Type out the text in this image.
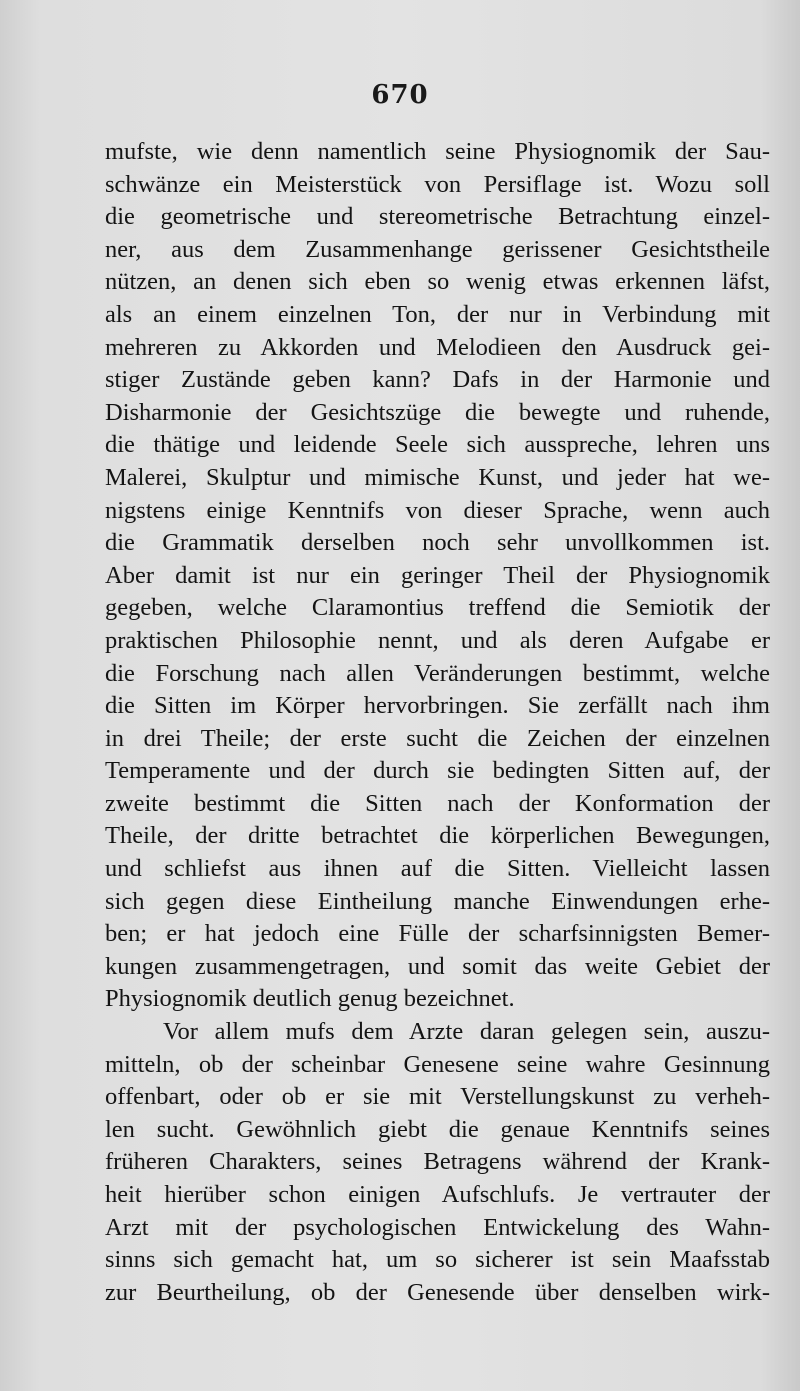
670
mufste, wie denn namentlich seine Physiognomik der Sau-
schwänze ein Meisterstück von Persiflage ist. Wozu soll
die geometrische und stereometrische Betrachtung einzel-
ner, aus dem Zusammenhange gerissener Gesichtstheile
nützen, an denen sich eben so wenig etwas erkennen läfst,
als an einem einzelnen Ton, der nur in Verbindung mit
mehreren zu Akkorden und Melodieen den Ausdruck gei-
stiger Zustände geben kann? Dafs in der Harmonie und
Disharmonie der Gesichtszüge die bewegte und ruhende,
die thätige und leidende Seele sich ausspreche, lehren uns
Malerei, Skulptur und mimische Kunst, und jeder hat we-
nigstens einige Kenntnifs von dieser Sprache, wenn auch
die Grammatik derselben noch sehr unvollkommen ist.
Aber damit ist nur ein geringer Theil der Physiognomik
gegeben, welche Claramontius treffend die Semiotik der
praktischen Philosophie nennt, und als deren Aufgabe er
die Forschung nach allen Veränderungen bestimmt, welche
die Sitten im Körper hervorbringen. Sie zerfällt nach ihm
in drei Theile; der erste sucht die Zeichen der einzelnen
Temperamente und der durch sie bedingten Sitten auf, der
zweite bestimmt die Sitten nach der Konformation der
Theile, der dritte betrachtet die körperlichen Bewegungen,
und schliefst aus ihnen auf die Sitten. Vielleicht lassen
sich gegen diese Eintheilung manche Einwendungen erhe-
ben; er hat jedoch eine Fülle der scharfsinnigsten Bemer-
kungen zusammengetragen, und somit das weite Gebiet der
Physiognomik deutlich genug bezeichnet.
Vor allem mufs dem Arzte daran gelegen sein, auszu-
mitteln, ob der scheinbar Genesene seine wahre Gesinnung
offenbart, oder ob er sie mit Verstellungskunst zu verheh-
len sucht. Gewöhnlich giebt die genaue Kenntnifs seines
früheren Charakters, seines Betragens während der Krank-
heit hierüber schon einigen Aufschlufs. Je vertrauter der
Arzt mit der psychologischen Entwickelung des Wahn-
sinns sich gemacht hat, um so sicherer ist sein Maafsstab
zur Beurtheilung, ob der Genesende über denselben wirk-
